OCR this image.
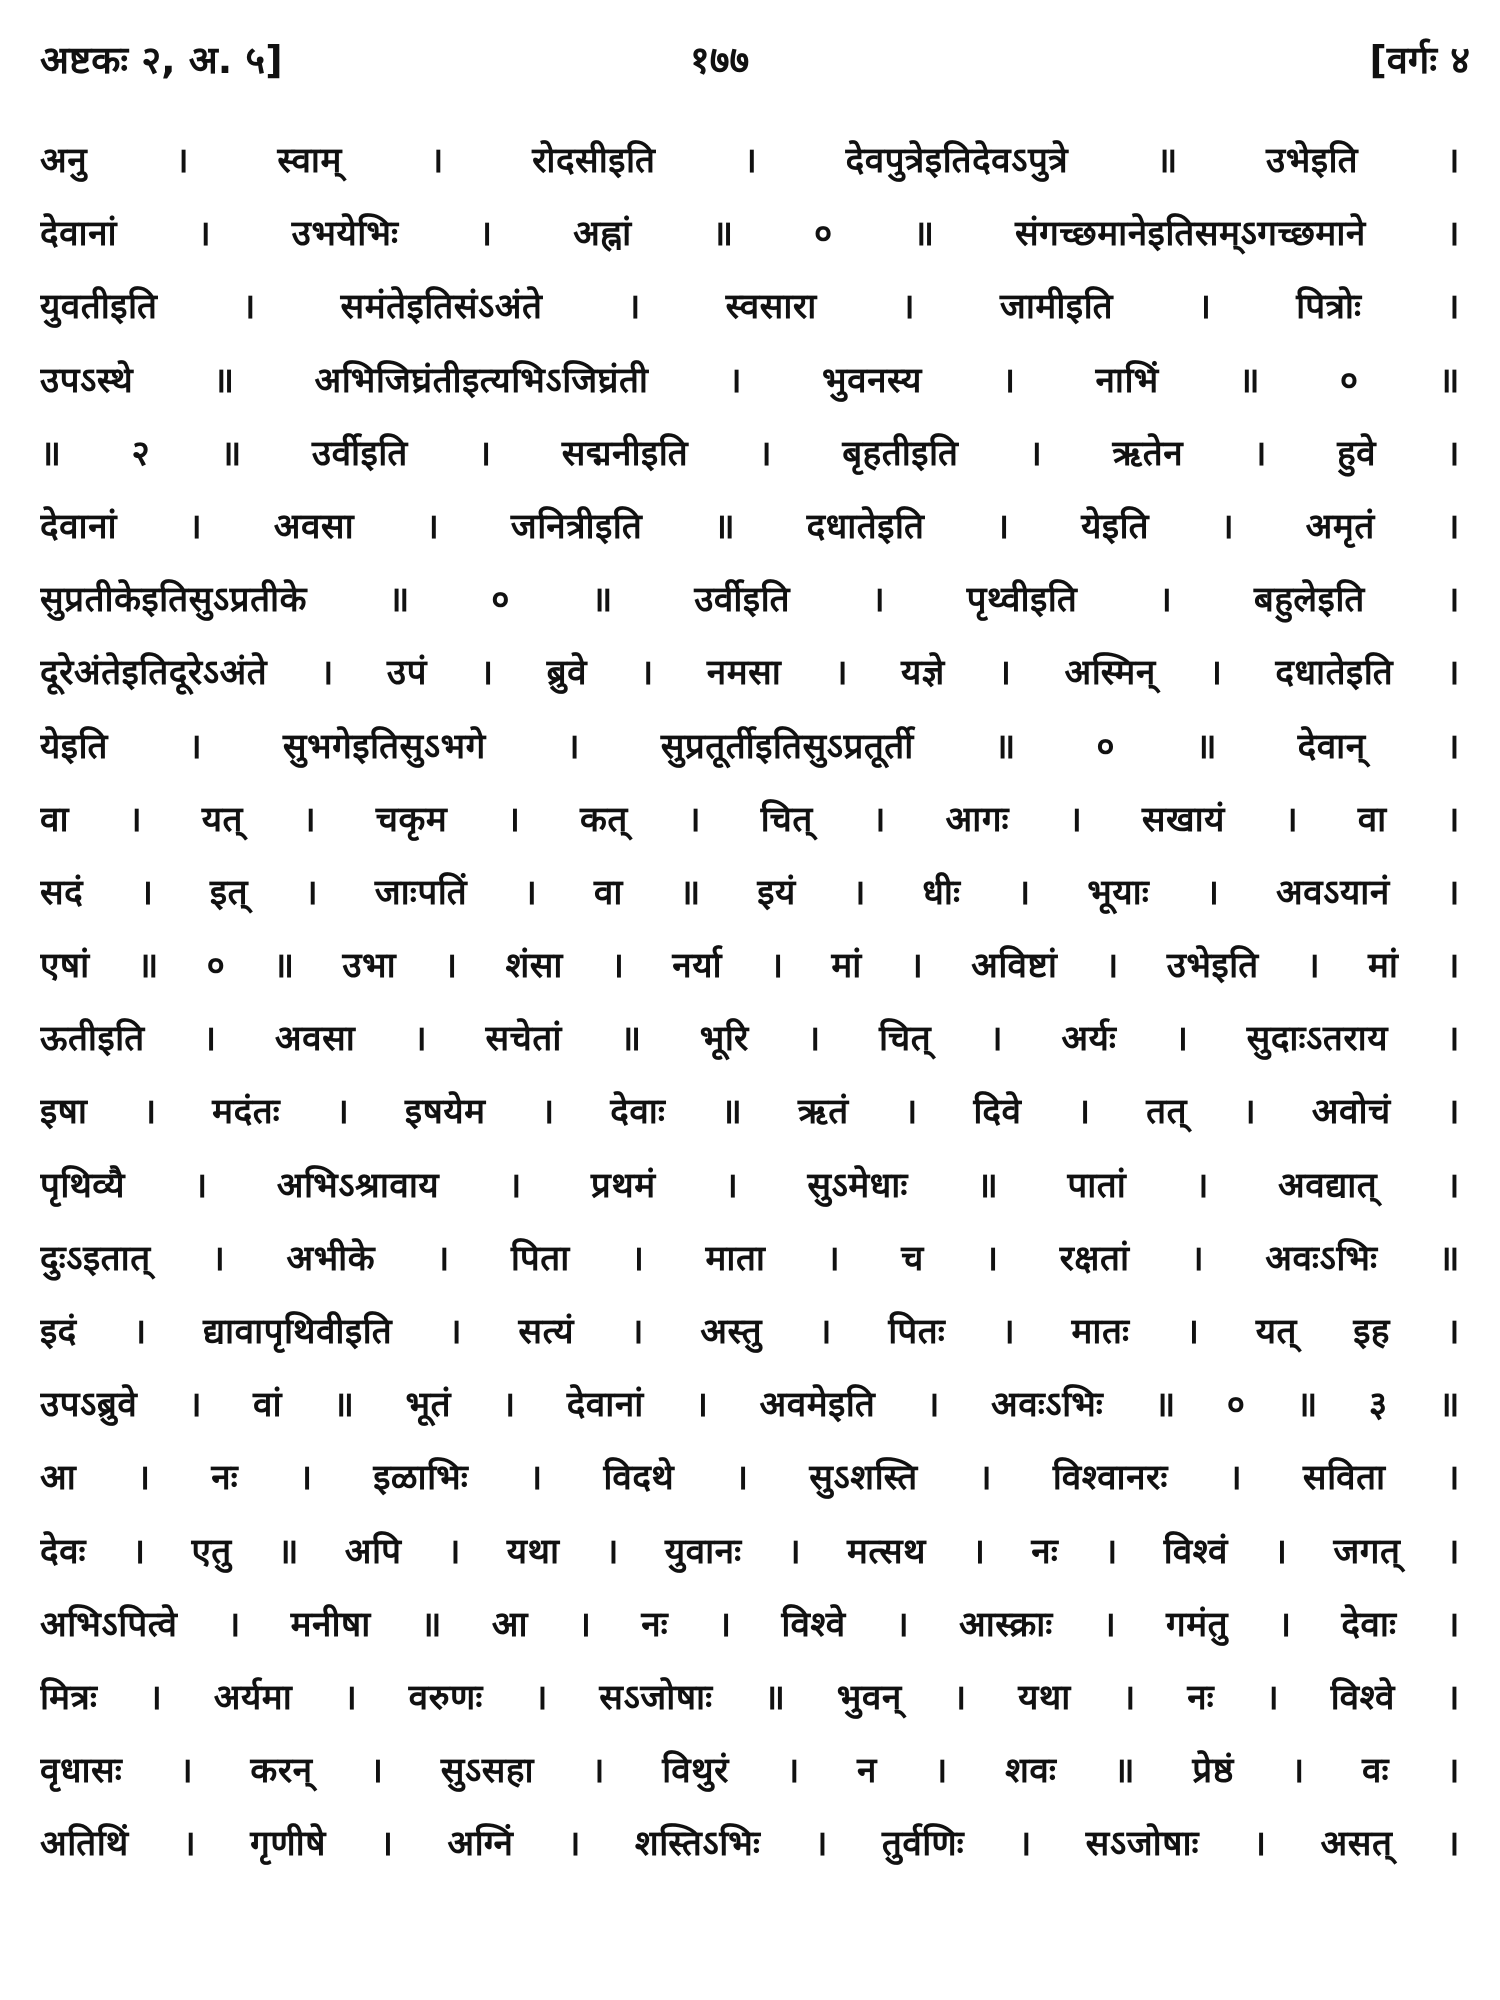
अष्टकः २, अ. ५]	१७७	[वर्गः ४
अनु । स्वाम् । रोदसीइति । देवपुत्रेइतिदेवऽपुत्रे ॥ उभेइति ।
देवानां । उभयेभिः । अह्नां ॥ ० ॥ संगच्छमानेइतिसम्ऽगच्छमाने ।
युवतीइति । समंतेइतिसंऽअंते । स्वसारा । जामीइति । पित्रोः ।
उपऽस्थे ॥ अभिजिघ्रंतीइत्यभिऽजिघ्रंती । भुवनस्य । नाभिं ॥ ० ॥
॥ २ ॥ उर्वीइति । सद्मनीइति । बृहतीइति । ऋतेन । हुवे ।
देवानां । अवसा । जनित्रीइति ॥ दधातेइति । येइति । अमृतं ।
सुप्रतीकेइतिसुऽप्रतीके ॥ ० ॥ उर्वीइति । पृथ्वीइति । बहुलेइति ।
दूरेअंतेइतिदूरेऽअंते । उपं । ब्रुवे । नमसा । यज्ञे । अस्मिन् । दधातेइति ।
येइति । सुभगेइतिसुऽभगे । सुप्रतूर्तीइतिसुऽप्रतूर्ती ॥ ० ॥ देवान् ।
वा । यत् । चकृम । कत् । चित् । आगः । सखायं । वा ।
सदं । इत् । जाःपतिं । वा ॥ इयं । धीः । भूयाः । अवऽयानं ।
एषां ॥ ० ॥ उभा । शंसा । नर्या । मां । अविष्टां । उभेइति । मां ।
ऊतीइति । अवसा । सचेतां ॥ भूरि । चित् । अर्यः । सुदाःऽतराय ।
इषा । मदंतः । इषयेम । देवाः ॥ ऋतं । दिवे । तत् । अवोचं ।
पृथिव्यै । अभिऽश्रावाय । प्रथमं । सुऽमेधाः ॥ पातां । अवद्यात् ।
दुःऽइतात् । अभीके । पिता । माता । च । रक्षतां । अवःऽभिः ॥
इदं । द्यावापृथिवीइति । सत्यं । अस्तु । पितः । मातः । यत् इह ।
उपऽब्रुवे । वां ॥ भूतं । देवानां । अवमेइति । अवःऽभिः ॥ ० ॥ ३ ॥
आ । नः । इळाभिः । विदथे । सुऽशस्ति । विश्वानरः । सविता ।
देवः । एतु ॥ अपि । यथा । युवानः । मत्सथ । नः । विश्वं । जगत् ।
अभिऽपित्वे । मनीषा ॥ आ । नः । विश्वे । आस्क्राः । गमंतु । देवाः ।
मित्रः । अर्यमा । वरुणः । सऽजोषाः ॥ भुवन् । यथा । नः । विश्वे ।
वृधासः । करन् । सुऽसहा । विथुरं । न । शवः ॥ प्रेष्ठं । वः ।
अतिथिं । गृणीषे । अग्निं । शस्तिऽभिः । तुर्वणिः । सऽजोषाः । असत् ।
